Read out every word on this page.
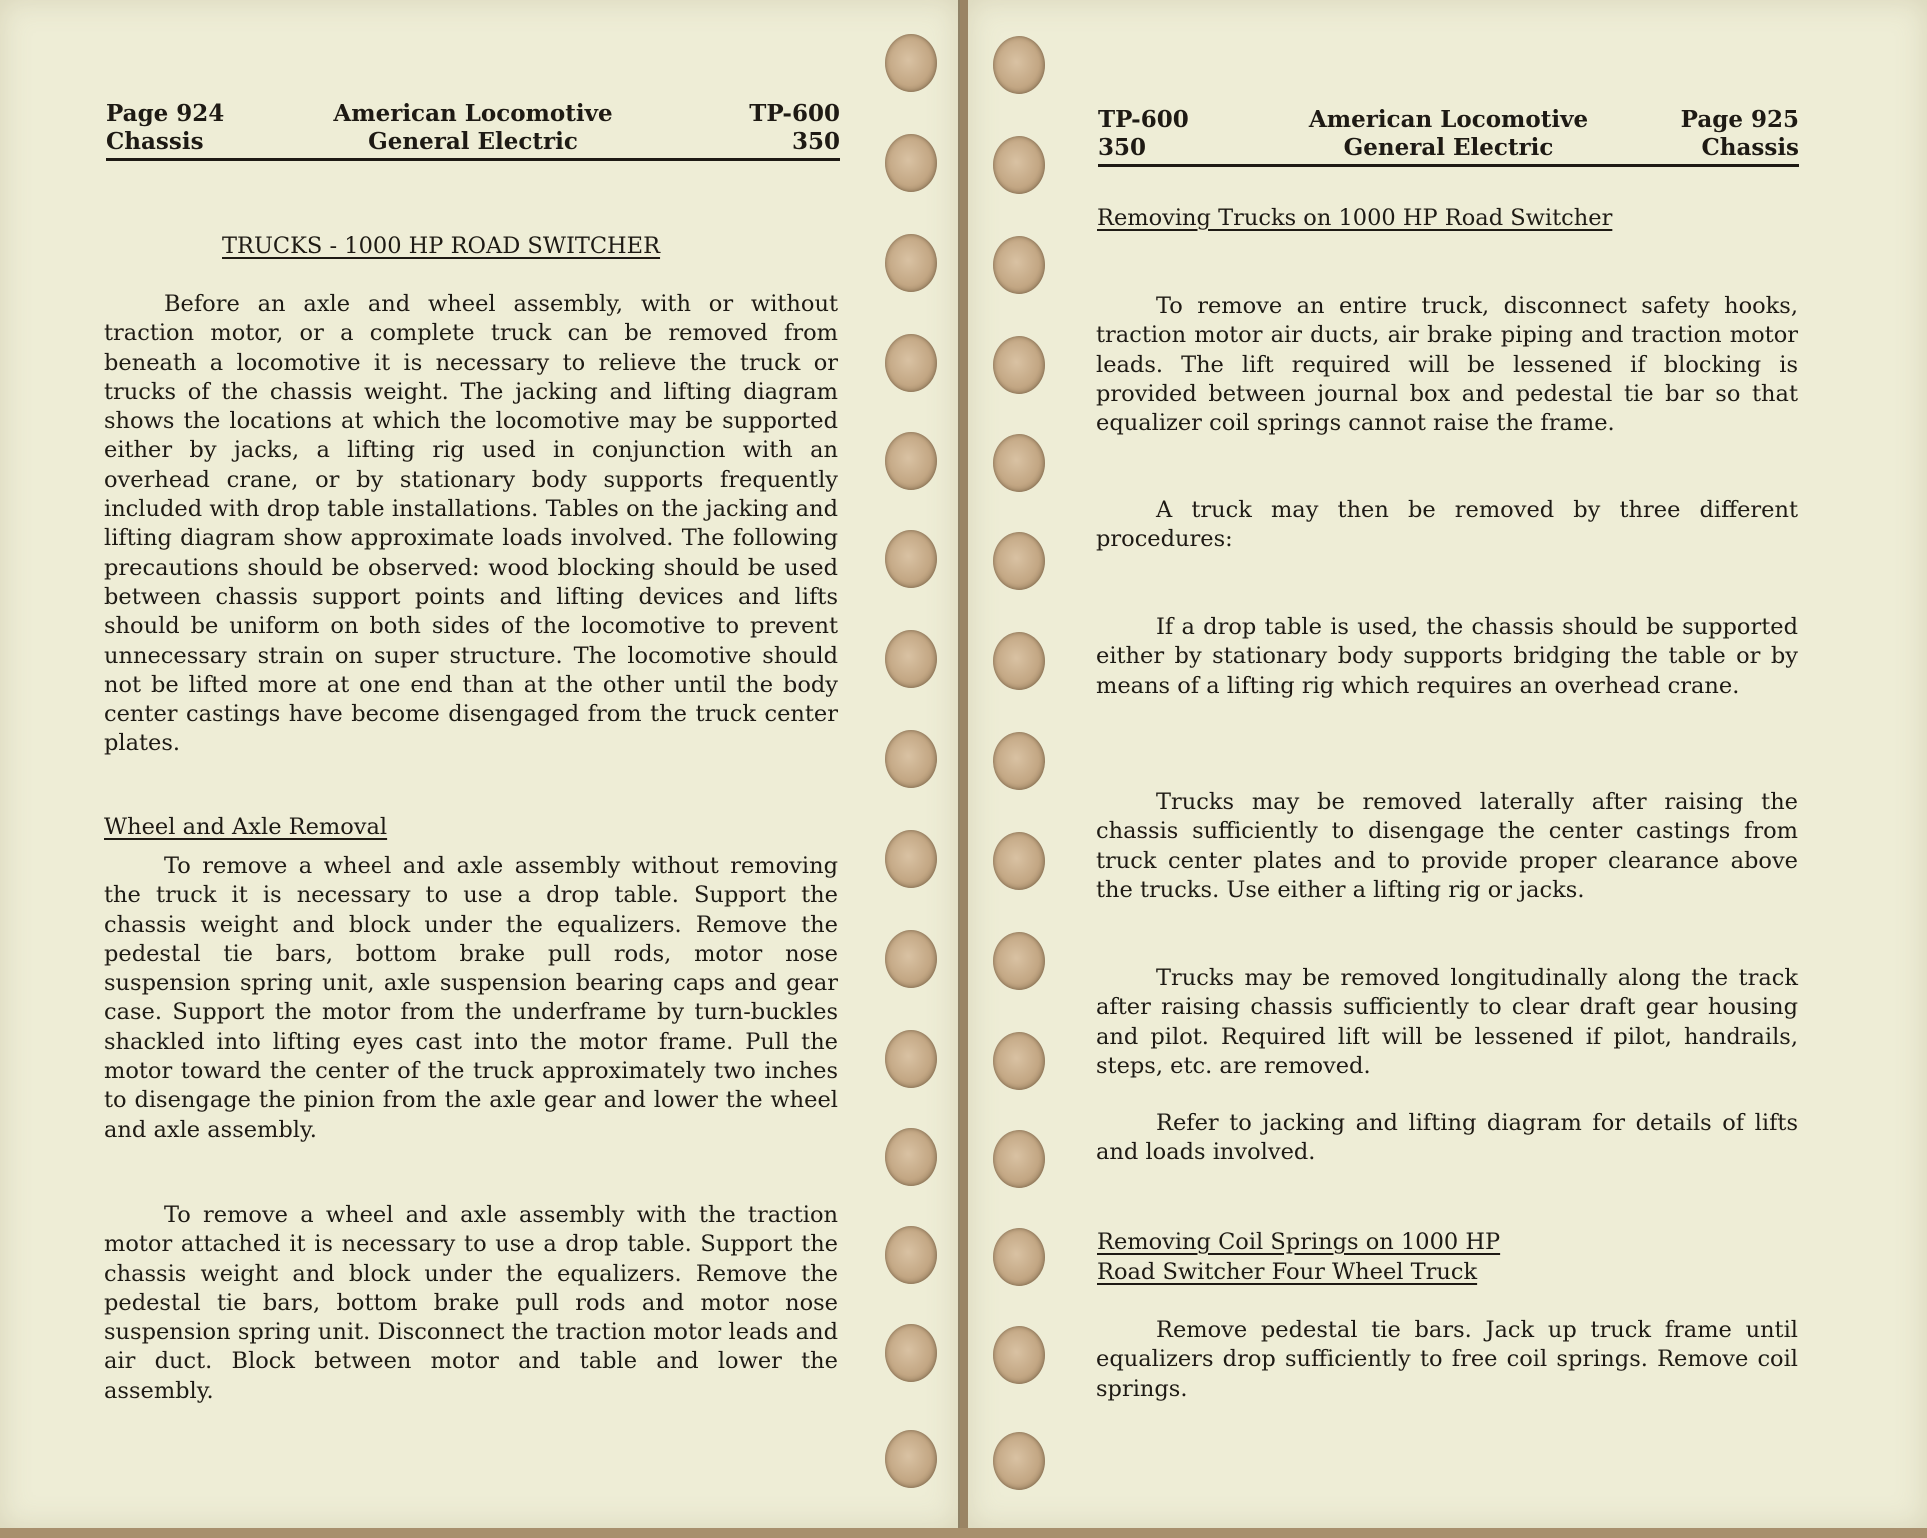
Page 924
Chassis
American Locomotive
General Electric
TP-600
350
TRUCKS - 1000 HP ROAD SWITCHER

Before an axle and wheel assembly, with or without traction motor, or a complete truck can be removed from beneath a locomotive it is necessary to relieve the truck or trucks of the chassis weight. The jacking and lifting diagram shows the locations at which the locomotive may be supported either by jacks, a lifting rig used in conjunction with an overhead crane, or by stationary body supports frequently included with drop table installations. Tables on the jacking and lifting diagram show approximate loads involved. The following precautions should be observed: wood blocking should be used between chassis support points and lifting devices and lifts should be uniform on both sides of the locomotive to prevent unnecessary strain on super structure. The locomotive should not be lifted more at one end than at the other until the body center castings have become disengaged from the truck center plates.

Wheel and Axle Removal

To remove a wheel and axle assembly without removing the truck it is necessary to use a drop table. Support the chassis weight and block under the equalizers. Remove the pedestal tie bars, bottom brake pull rods, motor nose suspension spring unit, axle suspension bearing caps and gear case. Support the motor from the underframe by turn-buckles shackled into lifting eyes cast into the motor frame. Pull the motor toward the center of the truck approximately two inches to disengage the pinion from the axle gear and lower the wheel and axle assembly.

To remove a wheel and axle assembly with the traction motor attached it is necessary to use a drop table. Support the chassis weight and block under the equalizers. Remove the pedestal tie bars, bottom brake pull rods and motor nose suspension spring unit. Disconnect the traction motor leads and air duct. Block between motor and table and lower the assembly.

TP-600
350
American Locomotive
General Electric
Page 925
Chassis
Removing Trucks on 1000 HP Road Switcher

To remove an entire truck, disconnect safety hooks, traction motor air ducts, air brake piping and traction motor leads. The lift required will be lessened if blocking is provided between journal box and pedestal tie bar so that equalizer coil springs cannot raise the frame.

A truck may then be removed by three different procedures:

If a drop table is used, the chassis should be supported either by stationary body supports bridging the table or by means of a lifting rig which requires an overhead crane.

Trucks may be removed laterally after raising the chassis sufficiently to disengage the center castings from truck center plates and to provide proper clearance above the trucks. Use either a lifting rig or jacks.

Trucks may be removed longitudinally along the track after raising chassis sufficiently to clear draft gear housing and pilot. Required lift will be lessened if pilot, handrails, steps, etc. are removed.

Refer to jacking and lifting diagram for details of lifts and loads involved.

Removing Coil Springs on 1000 HP
Road Switcher Four Wheel Truck

Remove pedestal tie bars. Jack up truck frame until equalizers drop sufficiently to free coil springs. Remove coil springs.
